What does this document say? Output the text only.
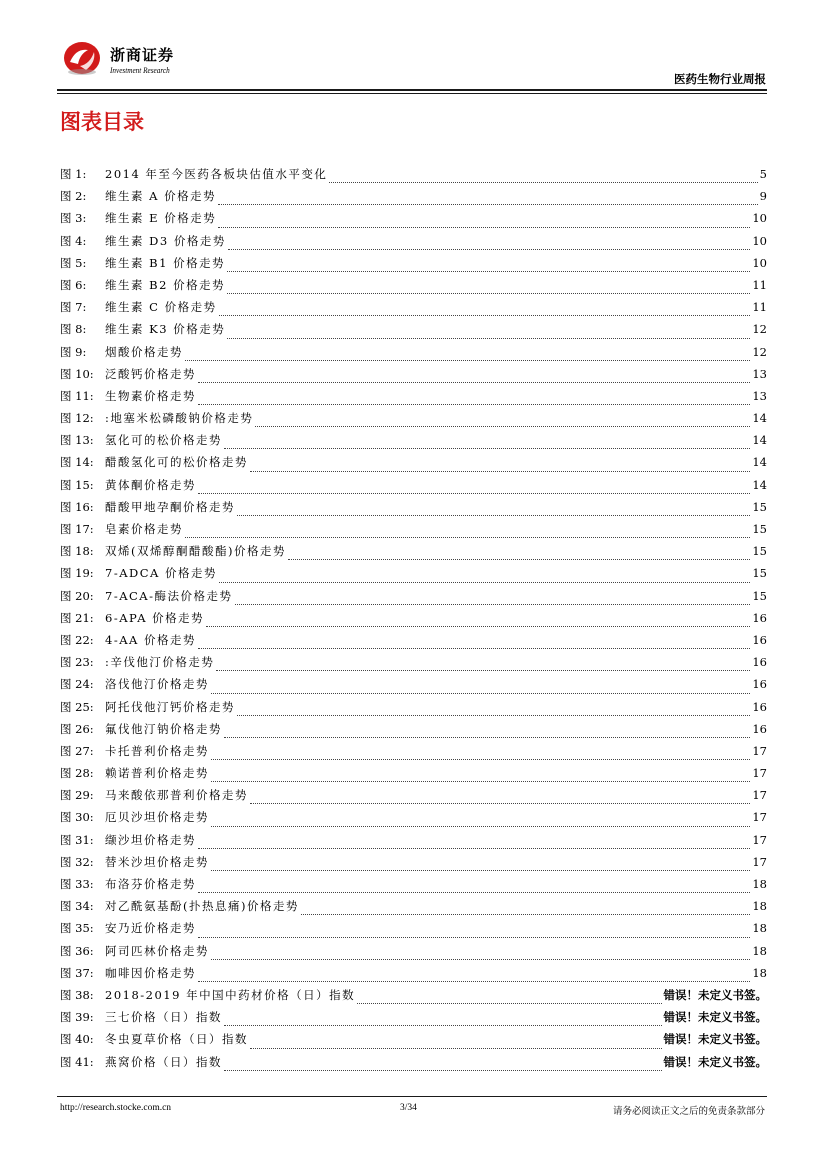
浙商证券
Investment Research
医药生物行业周报
图表目录
图 1:	2014 年至今医药各板块估值水平变化	5
图 2:	维生素 A 价格走势	9
图 3:	维生素 E 价格走势	10
图 4:	维生素 D3 价格走势	10
图 5:	维生素 B1 价格走势	10
图 6:	维生素 B2 价格走势	11
图 7:	维生素 C 价格走势	11
图 8:	维生素 K3 价格走势	12
图 9:	烟酸价格走势	12
图 10: 泛酸钙价格走势	13
图 11: 生物素价格走势	13
图 12: :地塞米松磷酸钠价格走势	14
图 13: 氢化可的松价格走势	14
图 14: 醋酸氢化可的松价格走势	14
图 15: 黄体酮价格走势	14
图 16: 醋酸甲地孕酮价格走势	15
图 17: 皂素价格走势	15
图 18: 双烯(双烯醇酮醋酸酯)价格走势	15
图 19: 7-ADCA 价格走势	15
图 20: 7-ACA-酶法价格走势	15
图 21: 6-APA 价格走势	16
图 22: 4-AA 价格走势	16
图 23: :辛伐他汀价格走势	16
图 24: 洛伐他汀价格走势	16
图 25: 阿托伐他汀钙价格走势	16
图 26: 氟伐他汀钠价格走势	16
图 27: 卡托普利价格走势	17
图 28: 赖诺普利价格走势	17
图 29: 马来酸依那普利价格走势	17
图 30: 厄贝沙坦价格走势	17
图 31: 缬沙坦价格走势	17
图 32: 替米沙坦价格走势	17
图 33: 布洛芬价格走势	18
图 34: 对乙酰氨基酚(扑热息痛)价格走势	18
图 35: 安乃近价格走势	18
图 36: 阿司匹林价格走势	18
图 37: 咖啡因价格走势	18
图 38: 2018-2019 年中国中药材价格（日）指数	错误！未定义书签。
图 39: 三七价格（日）指数	错误！未定义书签。
图 40: 冬虫夏草价格（日）指数	错误！未定义书签。
图 41: 燕窝价格（日）指数	错误！未定义书签。
http://research.stocke.com.cn	3/34	请务必阅读正文之后的免责条款部分
